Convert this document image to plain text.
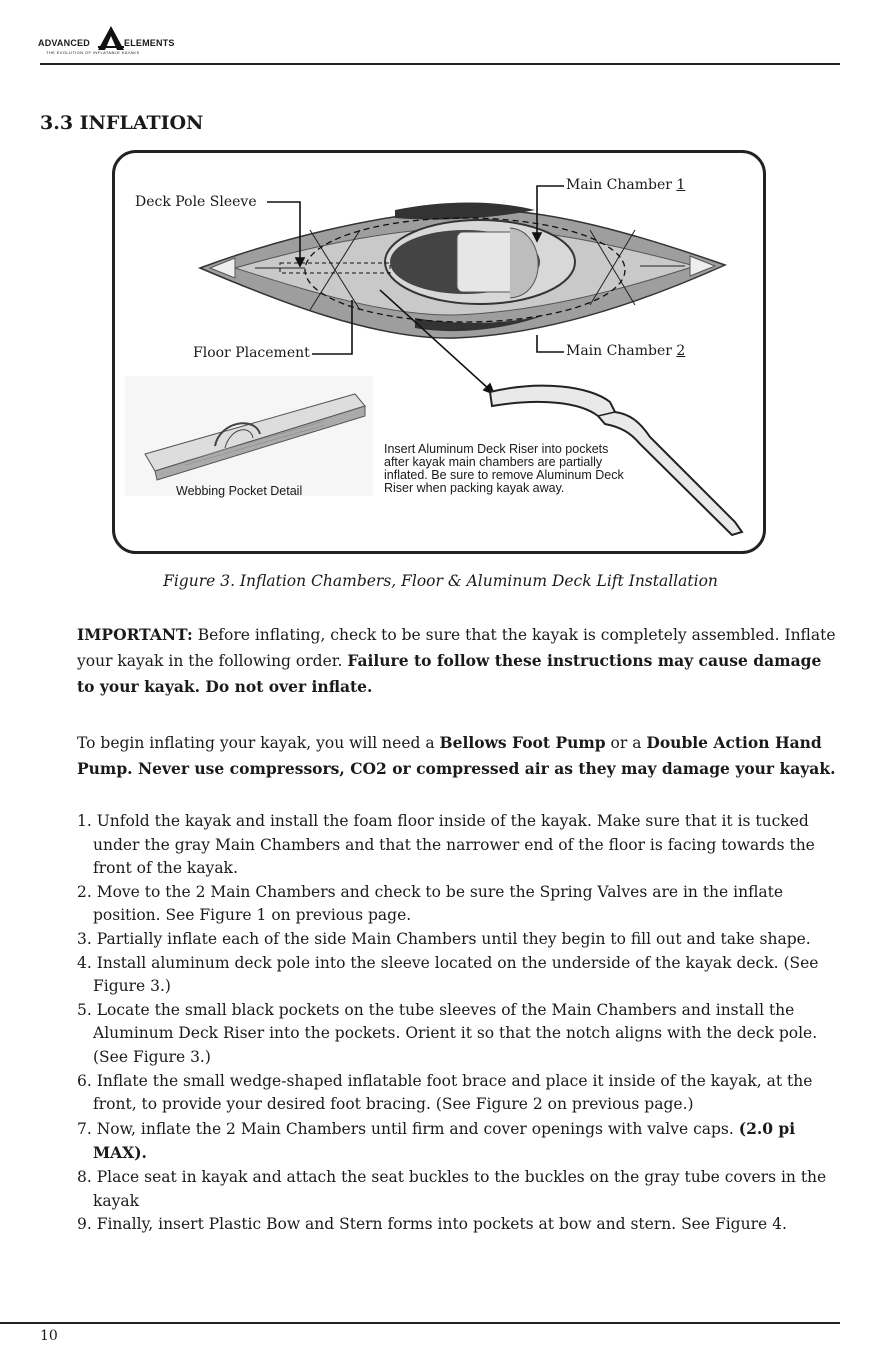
ADVANCED	ELEMENTS
THE EVOLUTION OF INFLATABLE KAYAKS
3.3 INFLATION
Deck Pole Sleeve
Main Chamber 1
Main Chamber 2
Floor Placement
Webbing Pocket Detail
Insert Aluminum Deck Riser into pockets
after kayak main chambers are partially
inflated. Be sure to remove Aluminum Deck
Riser when packing kayak away.
Figure 3. Inflation Chambers, Floor & Aluminum Deck Lift Installation
IMPORTANT: Before inflating, check to be sure that the kayak is completely assembled. Inflate your kayak in the following order. Failure to follow these instructions may cause damage to your kayak. Do not over inflate.
To begin inflating your kayak, you will need a Bellows Foot Pump or a Double Action Hand Pump. Never use compressors, CO2 or compressed air as they may damage your kayak.
1. Unfold the kayak and install the foam floor inside of the kayak. Make sure that it is tucked under the gray Main Chambers and that the narrower end of the floor is facing towards the front of the kayak.
2. Move to the 2 Main Chambers and check to be sure the Spring Valves are in the inflate position. See Figure 1 on previous page.
3. Partially inflate each of the side Main Chambers until they begin to fill out and take shape.
4. Install aluminum deck pole into the sleeve located on the underside of the kayak deck. (See Figure 3.)
5. Locate the small black pockets on the tube sleeves of the Main Chambers and install the Aluminum Deck Riser into the pockets. Orient it so that the notch aligns with the deck pole. (See Figure 3.)
6. Inflate the small wedge-shaped inflatable foot brace and place it inside of the kayak, at the front, to provide your desired foot bracing. (See Figure 2 on previous page.)
7. Now, inflate the 2 Main Chambers until firm and cover openings with valve caps. (2.0 pi MAX).
8. Place seat in kayak and attach the seat buckles to the buckles on the gray tube covers in the kayak
9. Finally, insert Plastic Bow and Stern forms into pockets at bow and stern. See Figure 4.
10
